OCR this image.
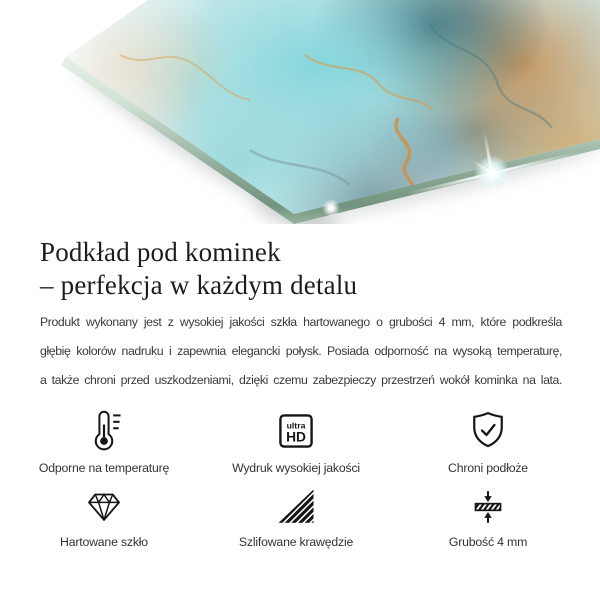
Podkład pod kominek
– perfekcja w każdym detalu
Produkt wykonany jest z wysokiej jakości szkła hartowanego o grubości 4 mm, które podkreśla
głębię kolorów nadruku i zapewnia elegancki połysk. Posiada odporność na wysoką temperaturę,
a także chroni przed uszkodzeniami, dzięki czemu zabezpieczy przestrzeń wokół kominka na lata.
Odporne na temperaturę
ultra
HD
Wydruk wysokiej jakości	Chroni podłoże
Hartowane szkło	Szlifowane krawędzie	Grubość 4 mm
